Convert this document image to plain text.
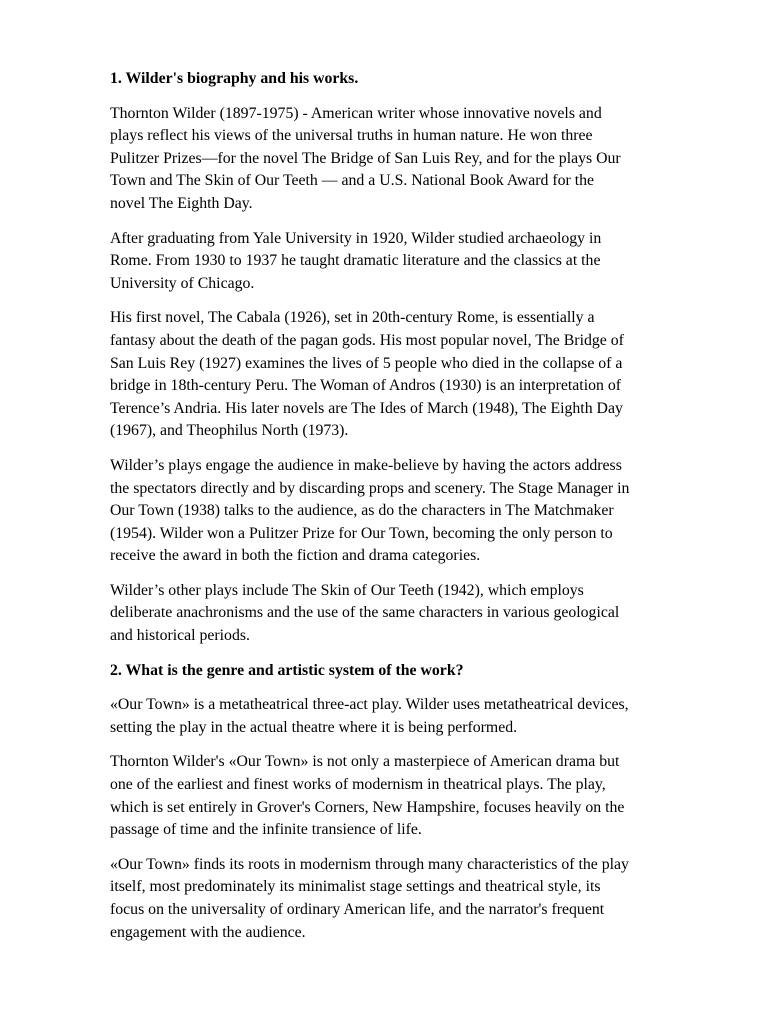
1. Wilder's biography and his works.
Thornton Wilder (1897-1975) - American writer whose innovative novels and
plays reflect his views of the universal truths in human nature. He won three
Pulitzer Prizes—for the novel The Bridge of San Luis Rey, and for the plays Our
Town and The Skin of Our Teeth — and a U.S. National Book Award for the
novel The Eighth Day.
After graduating from Yale University in 1920, Wilder studied archaeology in
Rome. From 1930 to 1937 he taught dramatic literature and the classics at the
University of Chicago.
His first novel, The Cabala (1926), set in 20th-century Rome, is essentially a
fantasy about the death of the pagan gods. His most popular novel, The Bridge of
San Luis Rey (1927) examines the lives of 5 people who died in the collapse of a
bridge in 18th-century Peru. The Woman of Andros (1930) is an interpretation of
Terence’s Andria. His later novels are The Ides of March (1948), The Eighth Day
(1967), and Theophilus North (1973).
Wilder’s plays engage the audience in make-believe by having the actors address
the spectators directly and by discarding props and scenery. The Stage Manager in
Our Town (1938) talks to the audience, as do the characters in The Matchmaker
(1954). Wilder won a Pulitzer Prize for Our Town, becoming the only person to
receive the award in both the fiction and drama categories.
Wilder’s other plays include The Skin of Our Teeth (1942), which employs
deliberate anachronisms and the use of the same characters in various geological
and historical periods.
2. What is the genre and artistic system of the work?
«Our Town» is a metatheatrical three-act play. Wilder uses metatheatrical devices,
setting the play in the actual theatre where it is being performed.
Thornton Wilder's «Our Town» is not only a masterpiece of American drama but
one of the earliest and finest works of modernism in theatrical plays. The play,
which is set entirely in Grover's Corners, New Hampshire, focuses heavily on the
passage of time and the infinite transience of life.
«Our Town» finds its roots in modernism through many characteristics of the play
itself, most predominately its minimalist stage settings and theatrical style, its
focus on the universality of ordinary American life, and the narrator's frequent
engagement with the audience.
